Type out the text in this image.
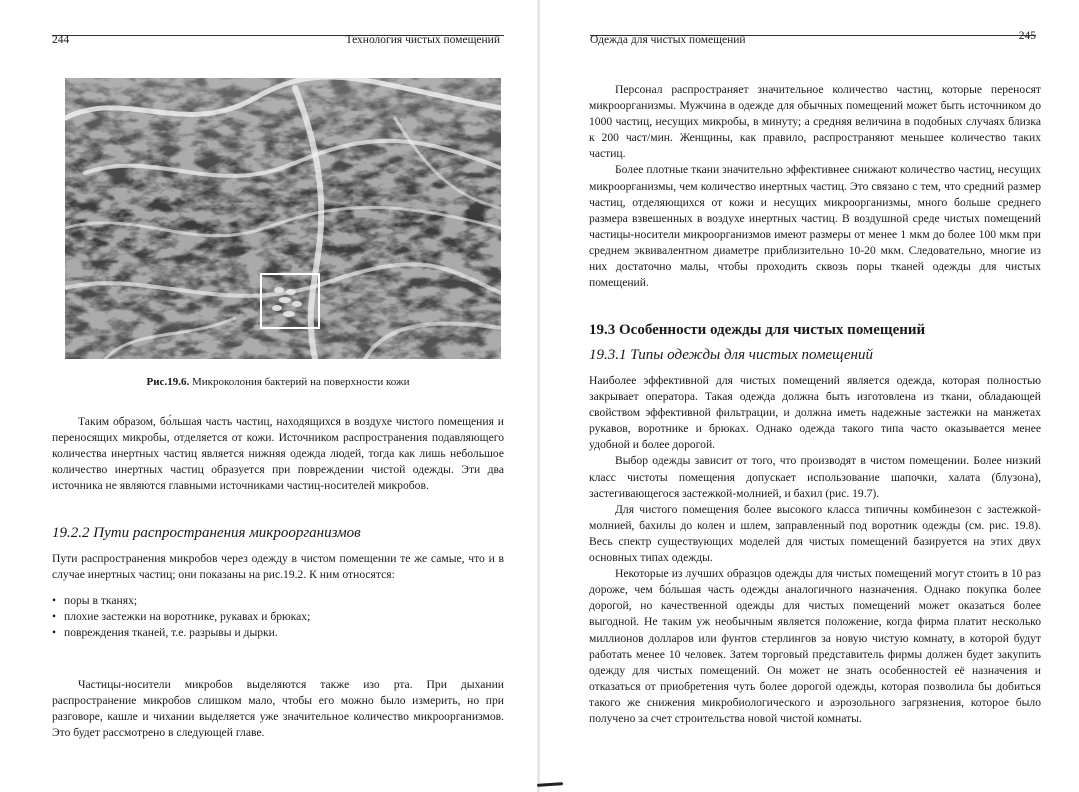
244	Технология чистых помещений
Рис.19.6. Микроколония бактерий на поверхности кожи

Таким образом, бо́льшая часть частиц, находящихся в воздухе чистого помещения и переносящих микробы, отделяется от кожи. Источником распространения подавляющего количества инертных частиц является нижняя одежда людей, тогда как лишь небольшое количество инертных частиц образуется при повреждении чистой одежды. Эти два источника не являются главными источниками частиц-носителей микробов.

19.2.2 Пути распространения микроорганизмов

Пути распространения микробов через одежду в чистом помещении те же самые, что и в случае инертных частиц; они показаны на рис.19.2. К ним относятся:

• поры в тканях;
• плохие застежки на воротнике, рукавах и брюках;
• повреждения тканей, т.е. разрывы и дырки.

Частицы-носители микробов выделяются также изо рта. При дыхании распространение микробов слишком мало, чтобы его можно было измерить, но при разговоре, кашле и чихании выделяется уже значительное количество микроорганизмов. Это будет рассмотрено в следующей главе.

Одежда для чистых помещений	245

Персонал распространяет значительное количество частиц, которые переносят микроорганизмы. Мужчина в одежде для обычных помещений может быть источником до 1000 частиц, несущих микробы, в минуту; а средняя величина в подобных случаях близка к 200 част/мин. Женщины, как правило, распространяют меньшее количество таких частиц.

Более плотные ткани значительно эффективнее снижают количество частиц, несущих микроорганизмы, чем количество инертных частиц. Это связано с тем, что средний размер частиц, отделяющихся от кожи и несущих микроорганизмы, много больше среднего размера взвешенных в воздухе инертных частиц. В воздушной среде чистых помещений частицы-носители микроорганизмов имеют размеры от менее 1 мкм до более 100 мкм при среднем эквивалентном диаметре приблизительно 10-20 мкм. Следовательно, многие из них достаточно малы, чтобы проходить сквозь поры тканей одежды для чистых помещений.

19.3 Особенности одежды для чистых помещений
19.3.1 Типы одежды для чистых помещений

Наиболее эффективной для чистых помещений является одежда, которая полностью закрывает оператора. Такая одежда должна быть изготовлена из ткани, обладающей свойством эффективной фильтрации, и должна иметь надежные застежки на манжетах рукавов, воротнике и брюках. Однако одежда такого типа часто оказывается менее удобной и более дорогой.

Выбор одежды зависит от того, что производят в чистом помещении. Более низкий класс чистоты помещения допускает использование шапочки, халата (блузона), застегивающегося застежкой-молнией, и бахил (рис. 19.7).

Для чистого помещения более высокого класса типичны комбинезон с застежкой-молнией, бахилы до колен и шлем, заправленный под воротник одежды (см. рис. 19.8). Весь спектр существующих моделей для чистых помещений базируется на этих двух основных типах одежды.

Некоторые из лучших образцов одежды для чистых помещений могут стоить в 10 раз дороже, чем бо́льшая часть одежды аналогичного назначения. Однако покупка более дорогой, но качественной одежды для чистых помещений может оказаться более выгодной. Не таким уж необычным является положение, когда фирма платит несколько миллионов долларов или фунтов стерлингов за новую чистую комнату, в которой будут работать менее 10 человек. Затем торговый представитель фирмы должен будет закупить одежду для чистых помещений. Он может не знать особенностей её назначения и отказаться от приобретения чуть более дорогой одежды, которая позволила бы добиться такого же снижения микробиологического и аэрозольного загрязнения, которое было получено за счет строительства новой чистой комнаты.
